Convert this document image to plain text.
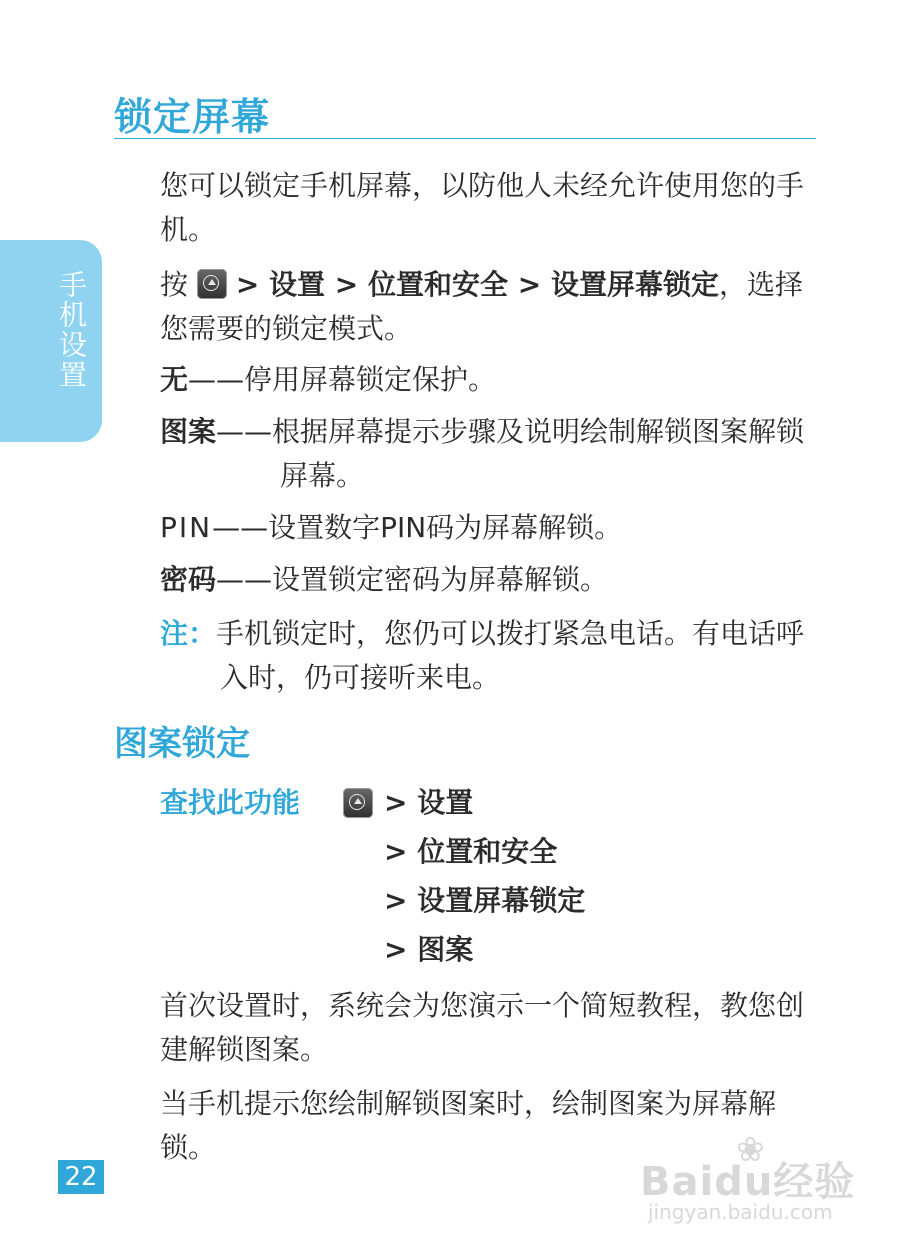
锁定屏幕
手机设置
您可以锁定手机屏幕，以防他人未经允许使用您的手机。
按 > 设置 > 位置和安全 > 设置屏幕锁定，选择您需要的锁定模式。
无——停用屏幕锁定保护。
图案——根据屏幕提示步骤及说明绘制解锁图案解锁屏幕。
PIN——设置数字PIN码为屏幕解锁。
密码——设置锁定密码为屏幕解锁。
注：手机锁定时，您仍可以拨打紧急电话。有电话呼入时，仍可接听来电。
图案锁定
查找此功能	> 设置
> 位置和安全
> 设置屏幕锁定
> 图案
首次设置时，系统会为您演示一个简短教程，教您创建解锁图案。
当手机提示您绘制解锁图案时，绘制图案为屏幕解锁。
22
❀
Baidu经验
jingyan.baidu.com
